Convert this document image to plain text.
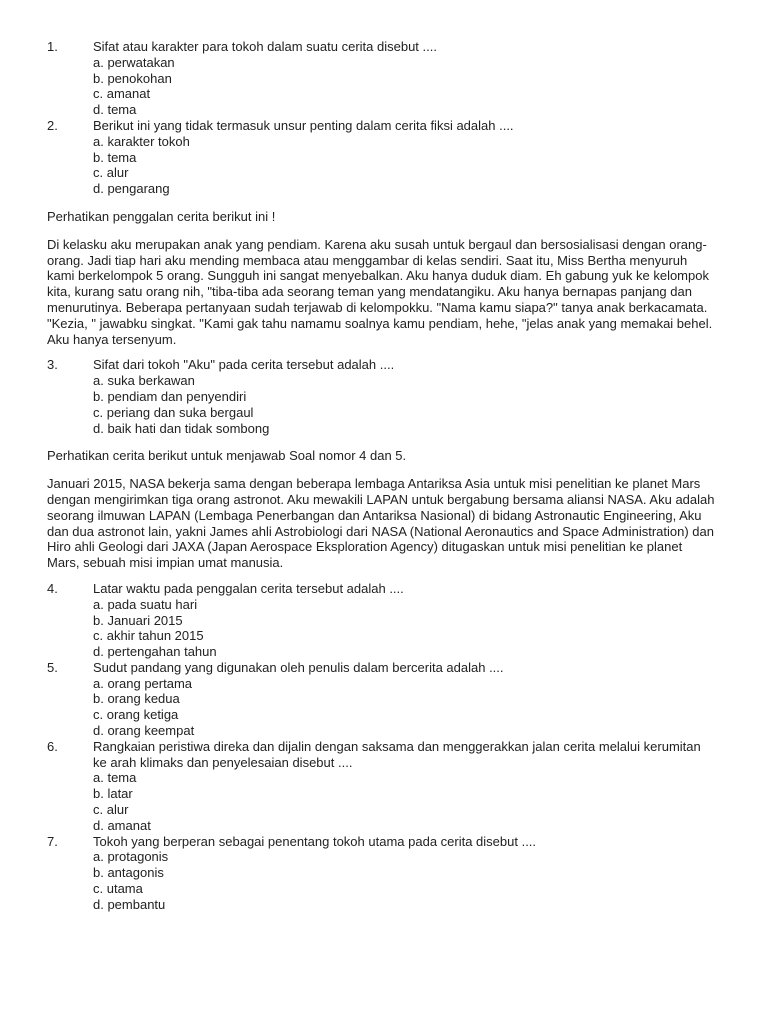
1.	Sifat atau karakter para tokoh dalam suatu cerita disebut ....
a. perwatakan
b. penokohan
c. amanat
d. tema
2.	Berikut ini yang tidak termasuk unsur penting dalam cerita fiksi adalah ....
a. karakter tokoh
b. tema
c. alur
d. pengarang

Perhatikan penggalan cerita berikut ini !

Di kelasku aku merupakan anak yang pendiam. Karena aku susah untuk bergaul dan bersosialisasi dengan orang-orang. Jadi tiap hari aku mending membaca atau menggambar di kelas sendiri. Saat itu, Miss Bertha menyuruh kami berkelompok 5 orang. Sungguh ini sangat menyebalkan. Aku hanya duduk diam. Eh gabung yuk ke kelompok kita, kurang satu orang nih, "tiba-tiba ada seorang teman yang mendatangiku. Aku hanya bernapas panjang dan menurutinya. Beberapa pertanyaan sudah terjawab di kelompokku. "Nama kamu siapa?" tanya anak berkacamata. "Kezia, " jawabku singkat. "Kami gak tahu namamu soalnya kamu pendiam, hehe, "jelas anak yang memakai behel. Aku hanya tersenyum.

3.	Sifat dari tokoh "Aku" pada cerita tersebut adalah ....
a. suka berkawan
b. pendiam dan penyendiri
c. periang dan suka bergaul
d. baik hati dan tidak sombong

Perhatikan cerita berikut untuk menjawab Soal nomor 4 dan 5.

Januari 2015, NASA bekerja sama dengan beberapa lembaga Antariksa Asia untuk misi penelitian ke planet Mars dengan mengirimkan tiga orang astronot. Aku mewakili LAPAN untuk bergabung bersama aliansi NASA. Aku adalah seorang ilmuwan LAPAN (Lembaga Penerbangan dan Antariksa Nasional) di bidang Astronautic Engineering, Aku dan dua astronot lain, yakni James ahli Astrobiologi dari NASA (National Aeronautics and Space Administration) dan Hiro ahli Geologi dari JAXA (Japan Aerospace Eksploration Agency) ditugaskan untuk misi penelitian ke planet Mars, sebuah misi impian umat manusia.

4.	Latar waktu pada penggalan cerita tersebut adalah ....
a. pada suatu hari
b. Januari 2015
c. akhir tahun 2015
d. pertengahan tahun
5.	Sudut pandang yang digunakan oleh penulis dalam bercerita adalah ....
a. orang pertama
b. orang kedua
c. orang ketiga
d. orang keempat
6.	Rangkaian peristiwa direka dan dijalin dengan saksama dan menggerakkan jalan cerita melalui kerumitan ke arah klimaks dan penyelesaian disebut ....
a. tema
b. latar
c. alur
d. amanat
7.	Tokoh yang berperan sebagai penentang tokoh utama pada cerita disebut ....
a. protagonis
b. antagonis
c. utama
d. pembantu
